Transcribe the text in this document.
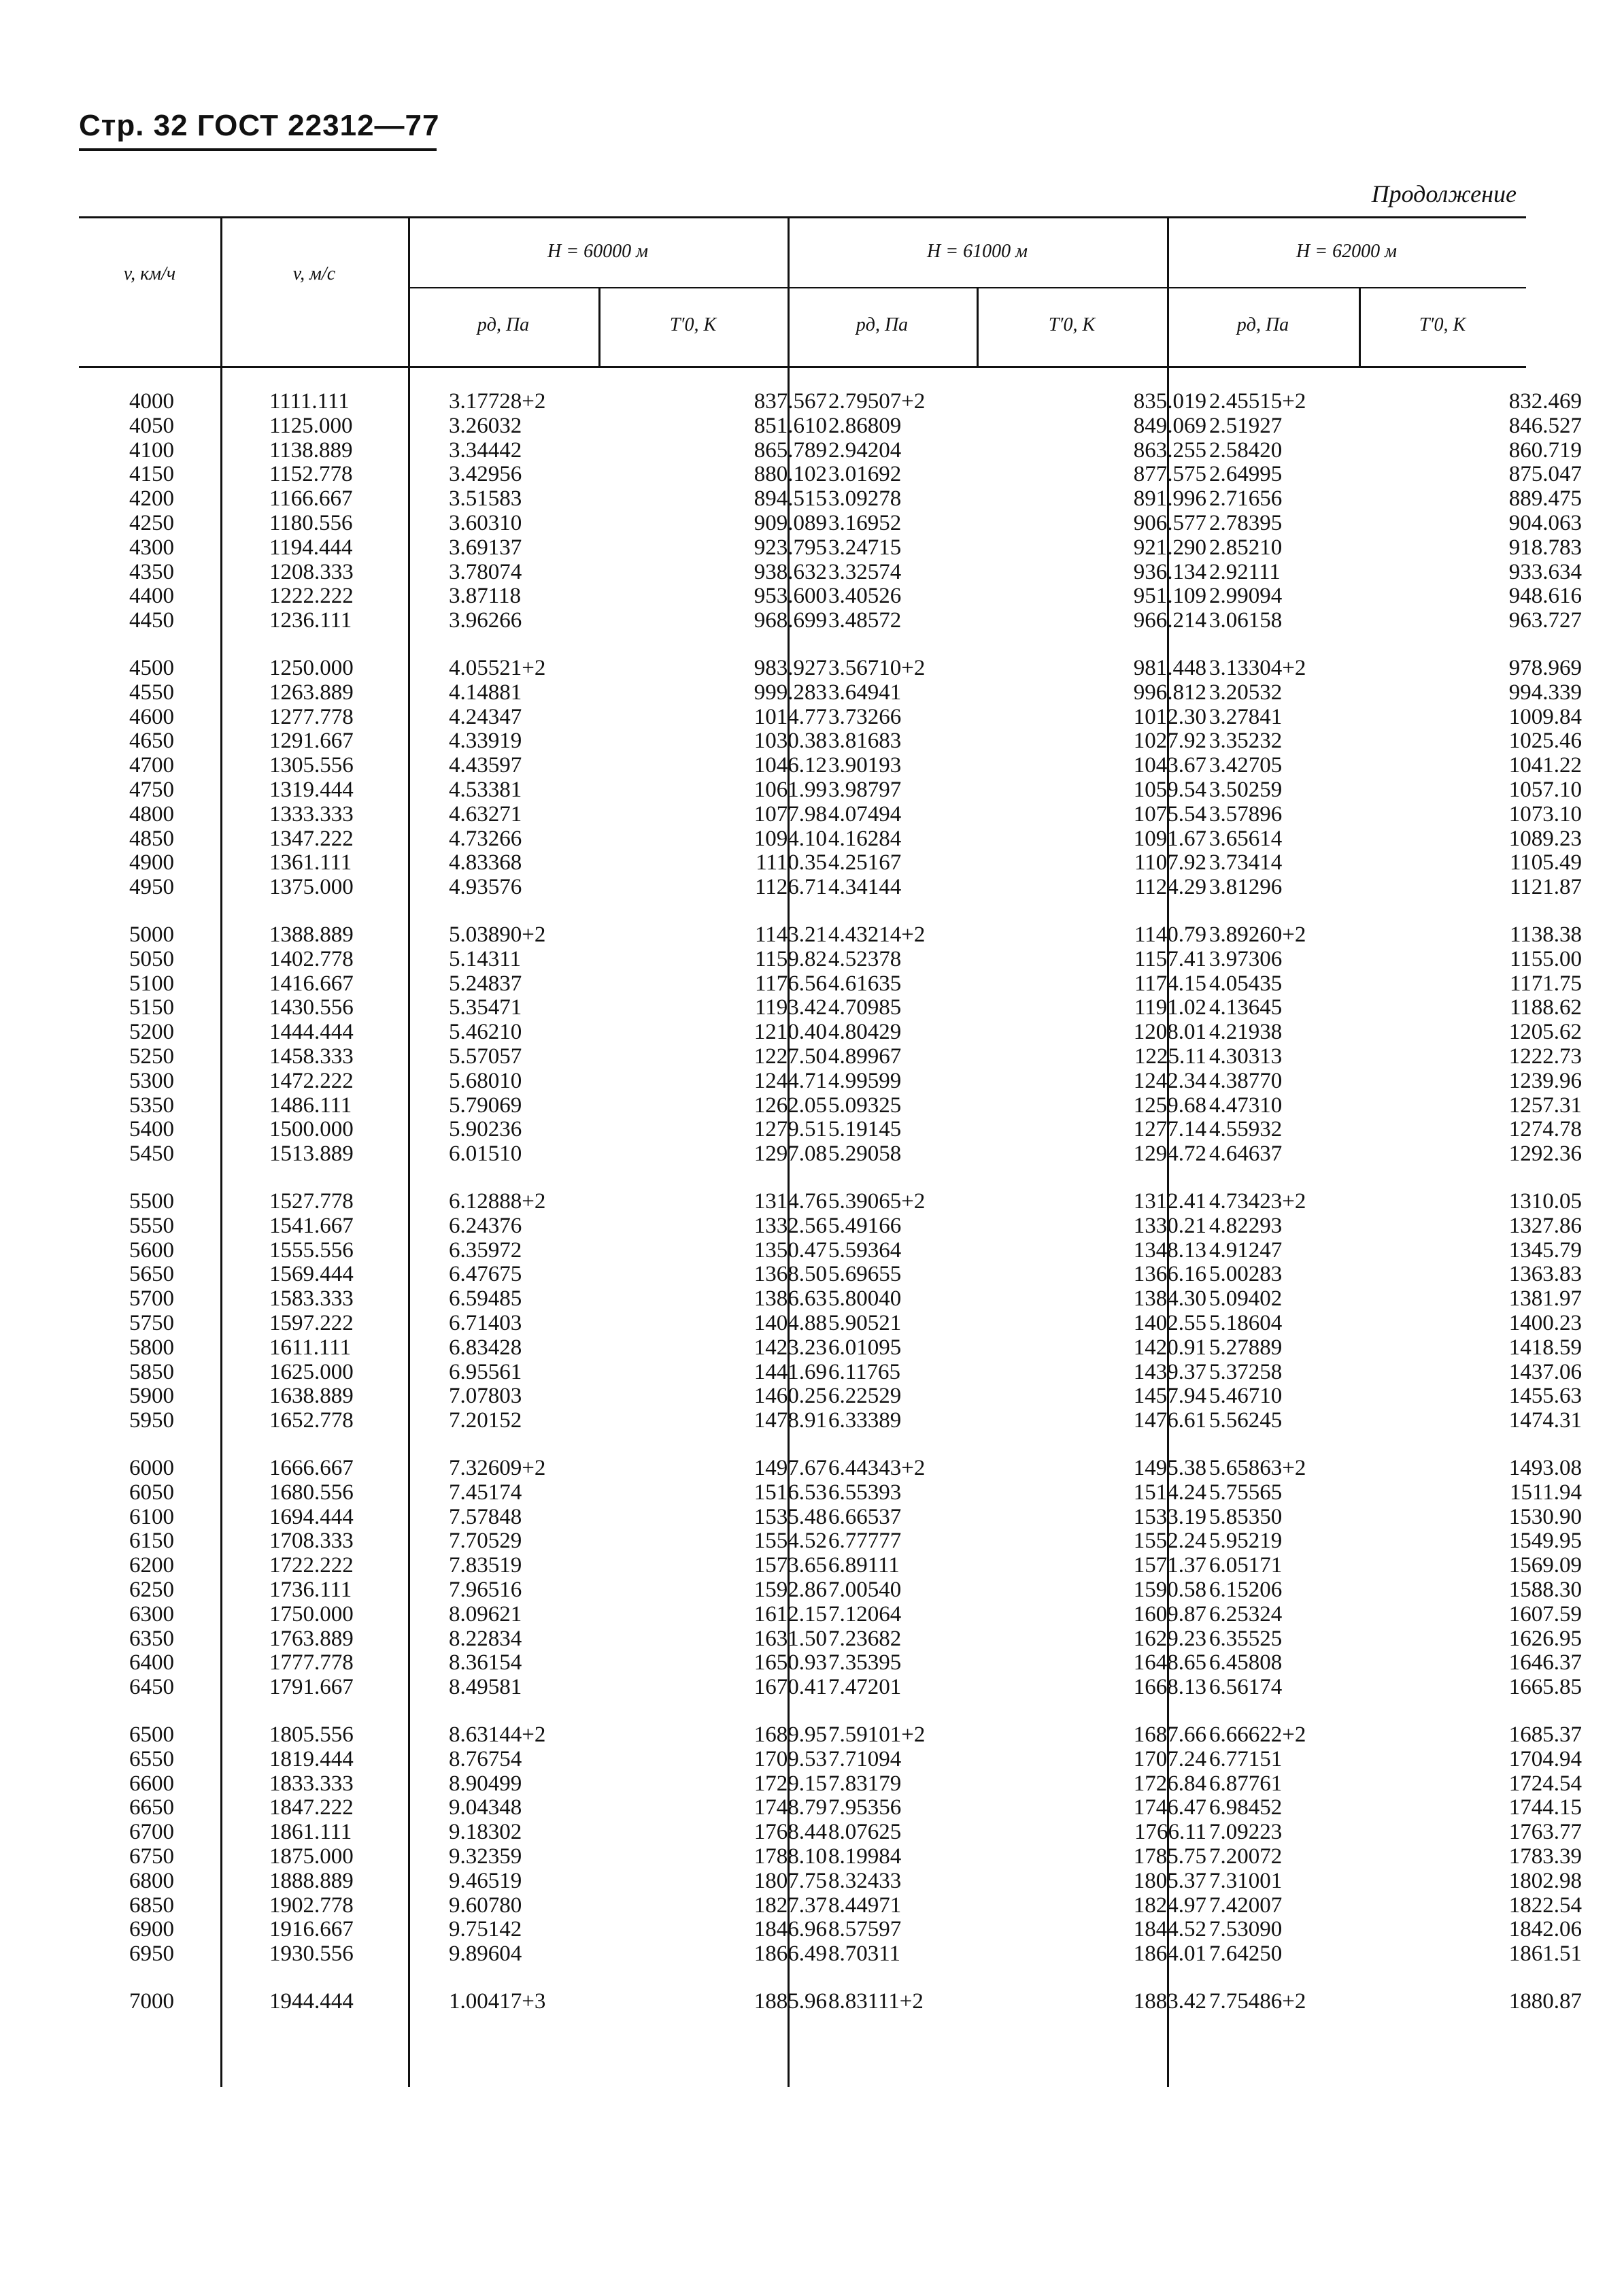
Стр. 32 ГОСТ 22312—77
Продолжение
v, км/ч	v, м/с
H = 60000 м	H = 61000 м	H = 62000 м
pд, Па	T′0, К	pд, Па	T′0, К	pд, Па	T′0, К
4000	1111.111	3.17728+2	837.567 2.79507+2	835.019 2.45515+2	832.469
4050	1125.000	3.26032	851.610 2.86809	849.069 2.51927	846.527
4100	1138.889	3.34442	865.789 2.94204	863.255 2.58420	860.719
4150	1152.778	3.42956	880.102 3.01692	877.575 2.64995	875.047
4200	1166.667	3.51583	894.515 3.09278	891.996 2.71656	889.475
4250	1180.556	3.60310	909.089 3.16952	906.577 2.78395	904.063
4300	1194.444	3.69137	923.795 3.24715	921.290 2.85210	918.783
4350	1208.333	3.78074	938.632 3.32574	936.134 2.92111	933.634
4400	1222.222	3.87118	953.600 3.40526	951.109 2.99094	948.616
4450	1236.111	3.96266	968.699 3.48572	966.214 3.06158	963.727
4500	1250.000	4.05521+2	983.927 3.56710+2	981.448 3.13304+2	978.969
4550	1263.889	4.14881	999.283 3.64941	996.812 3.20532	994.339
4600	1277.778	4.24347	1014.77 3.73266	1012.30 3.27841	1009.84
4650	1291.667	4.33919	1030.38 3.81683	1027.92 3.35232	1025.46
4700	1305.556	4.43597	1046.12 3.90193	1043.67 3.42705	1041.22
4750	1319.444	4.53381	1061.99 3.98797	1059.54 3.50259	1057.10
4800	1333.333	4.63271	1077.98 4.07494	1075.54 3.57896	1073.10
4850	1347.222	4.73266	1094.10 4.16284	1091.67 3.65614	1089.23
4900	1361.111	4.83368	1110.35 4.25167	1107.92 3.73414	1105.49
4950	1375.000	4.93576	1126.71 4.34144	1124.29 3.81296	1121.87
5000	1388.889	5.03890+2	1143.21 4.43214+2	1140.79 3.89260+2	1138.38
5050	1402.778	5.14311	1159.82 4.52378	1157.41 3.97306	1155.00
5100	1416.667	5.24837	1176.56 4.61635	1174.15 4.05435	1171.75
5150	1430.556	5.35471	1193.42 4.70985	1191.02 4.13645	1188.62
5200	1444.444	5.46210	1210.40 4.80429	1208.01 4.21938	1205.62
5250	1458.333	5.57057	1227.50 4.89967	1225.11 4.30313	1222.73
5300	1472.222	5.68010	1244.71 4.99599	1242.34 4.38770	1239.96
5350	1486.111	5.79069	1262.05 5.09325	1259.68 4.47310	1257.31
5400	1500.000	5.90236	1279.51 5.19145	1277.14 4.55932	1274.78
5450	1513.889	6.01510	1297.08 5.29058	1294.72 4.64637	1292.36
5500	1527.778	6.12888+2	1314.76 5.39065+2	1312.41 4.73423+2	1310.05
5550	1541.667	6.24376	1332.56 5.49166	1330.21 4.82293	1327.86
5600	1555.556	6.35972	1350.47 5.59364	1348.13 4.91247	1345.79
5650	1569.444	6.47675	1368.50 5.69655	1366.16 5.00283	1363.83
5700	1583.333	6.59485	1386.63 5.80040	1384.30 5.09402	1381.97
5750	1597.222	6.71403	1404.88 5.90521	1402.55 5.18604	1400.23
5800	1611.111	6.83428	1423.23 6.01095	1420.91 5.27889	1418.59
5850	1625.000	6.95561	1441.69 6.11765	1439.37 5.37258	1437.06
5900	1638.889	7.07803	1460.25 6.22529	1457.94 5.46710	1455.63
5950	1652.778	7.20152	1478.91 6.33389	1476.61 5.56245	1474.31
6000	1666.667	7.32609+2	1497.67 6.44343+2	1495.38 5.65863+2	1493.08
6050	1680.556	7.45174	1516.53 6.55393	1514.24 5.75565	1511.94
6100	1694.444	7.57848	1535.48 6.66537	1533.19 5.85350	1530.90
6150	1708.333	7.70529	1554.52 6.77777	1552.24 5.95219	1549.95
6200	1722.222	7.83519	1573.65 6.89111	1571.37 6.05171	1569.09
6250	1736.111	7.96516	1592.86 7.00540	1590.58 6.15206	1588.30
6300	1750.000	8.09621	1612.15 7.12064	1609.87 6.25324	1607.59
6350	1763.889	8.22834	1631.50 7.23682	1629.23 6.35525	1626.95
6400	1777.778	8.36154	1650.93 7.35395	1648.65 6.45808	1646.37
6450	1791.667	8.49581	1670.41 7.47201	1668.13 6.56174	1665.85
6500	1805.556	8.63144+2	1689.95 7.59101+2	1687.66 6.66622+2	1685.37
6550	1819.444	8.76754	1709.53 7.71094	1707.24 6.77151	1704.94
6600	1833.333	8.90499	1729.15 7.83179	1726.84 6.87761	1724.54
6650	1847.222	9.04348	1748.79 7.95356	1746.47 6.98452	1744.15
6700	1861.111	9.18302	1768.44 8.07625	1766.11 7.09223	1763.77
6750	1875.000	9.32359	1788.10 8.19984	1785.75 7.20072	1783.39
6800	1888.889	9.46519	1807.75 8.32433	1805.37 7.31001	1802.98
6850	1902.778	9.60780	1827.37 8.44971	1824.97 7.42007	1822.54
6900	1916.667	9.75142	1846.96 8.57597	1844.52 7.53090	1842.06
6950	1930.556	9.89604	1866.49 8.70311	1864.01 7.64250	1861.51
7000	1944.444	1.00417+3	1885.96 8.83111+2	1883.42 7.75486+2	1880.87
